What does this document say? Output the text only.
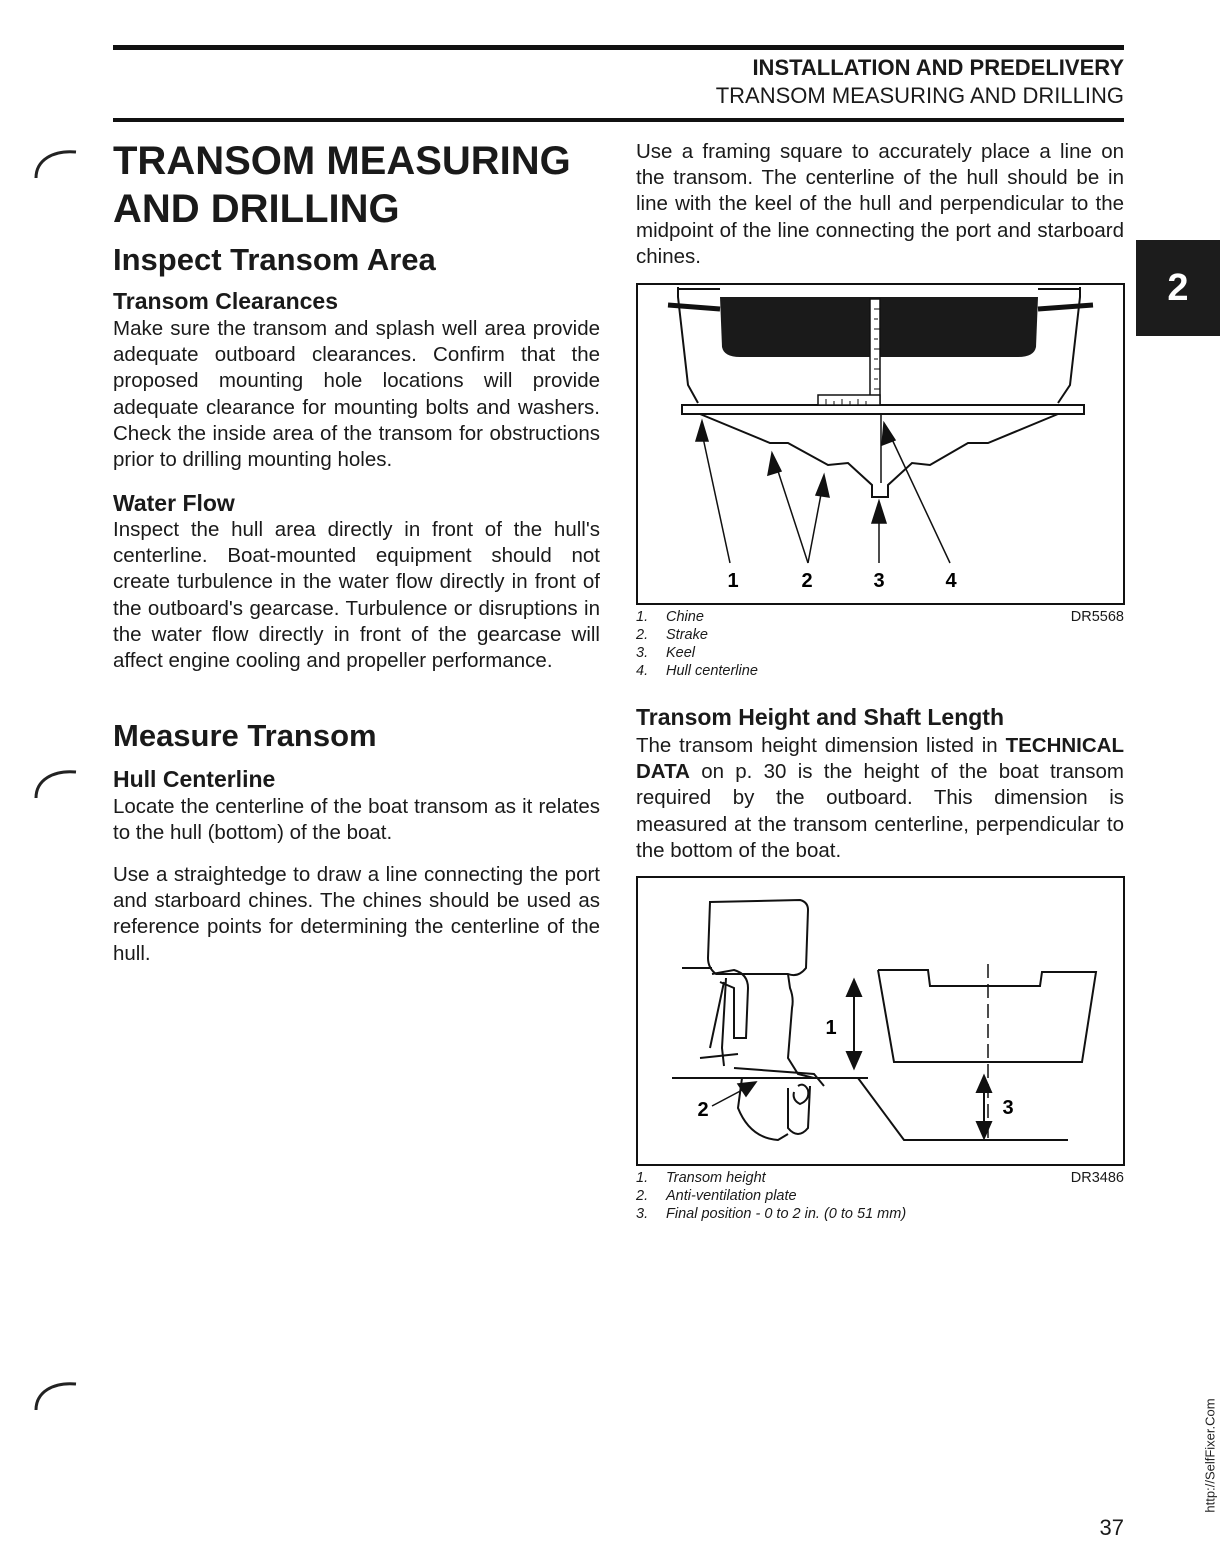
INSTALLATION AND PREDELIVERY
TRANSOM MEASURING AND DRILLING
2
TRANSOM MEASURING AND DRILLING
Inspect Transom Area
Transom Clearances
Make sure the transom and splash well area provide adequate outboard clearances. Confirm that the proposed mounting hole locations will provide adequate clearance for mounting bolts and washers. Check the inside area of the transom for obstructions prior to drilling mounting holes.
Water Flow
Inspect the hull area directly in front of the hull's centerline. Boat-mounted equipment should not create turbulence in the water flow directly in front of the outboard's gearcase. Turbulence or disruptions in the water flow directly in front of the gearcase will affect engine cooling and propeller performance.
Measure Transom
Hull Centerline
Locate the centerline of the boat transom as it relates to the hull (bottom) of the boat.
Use a straightedge to draw a line connecting the port and starboard chines. The chines should be used as reference points for determining the centerline of the hull.
Use a framing square to accurately place a line on the transom. The centerline of the hull should be in line with the keel of the hull and perpendicular to the midpoint of the line connecting the port and starboard chines.
1	2	3	4
1. Chine
2. Strake
3. Keel
4. Hull centerline
DR5568
Transom Height and Shaft Length
The transom height dimension listed in TECHNICAL DATA on p. 30 is the height of the boat transom required by the outboard. This dimension is measured at the transom centerline, perpendicular to the bottom of the boat.
1
2	3
1. Transom height
2. Anti-ventilation plate
3. Final position - 0 to 2 in. (0 to 51 mm)
DR3486
37
http://SelfFixer.Com
